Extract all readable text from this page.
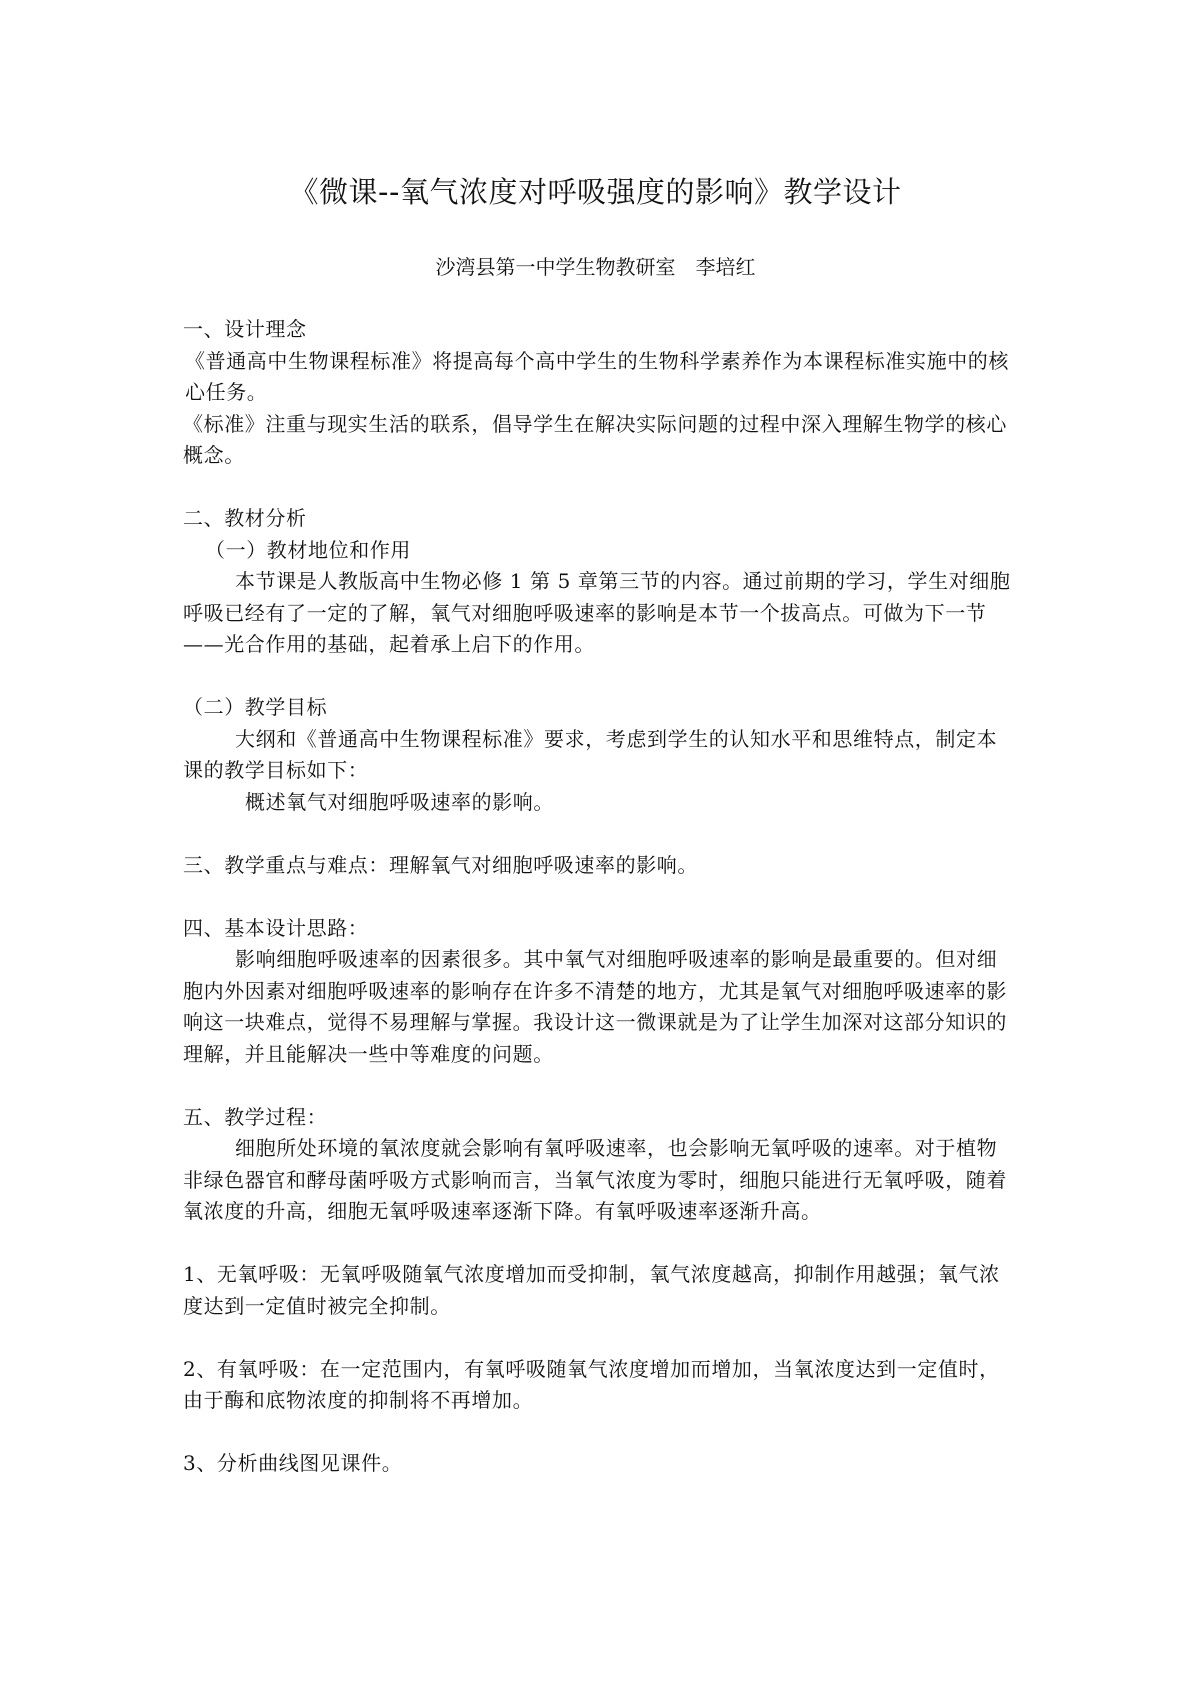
《微课--氧气浓度对呼吸强度的影响》教学设计
沙湾县第一中学生物教研室　李培红

一、设计理念

《普通高中生物课程标准》将提高每个高中学生的生物科学素养作为本课程标准实施中的核心任务。

《标准》注重与现实生活的联系，倡导学生在解决实际问题的过程中深入理解生物学的核心概念。

二、教材分析

（一）教材地位和作用

本节课是人教版高中生物必修 1 第 5 章第三节的内容。通过前期的学习，学生对细胞呼吸已经有了一定的了解，氧气对细胞呼吸速率的影响是本节一个拔高点。可做为下一节——光合作用的基础，起着承上启下的作用。

（二）教学目标

大纲和《普通高中生物课程标准》要求，考虑到学生的认知水平和思维特点，制定本课的教学目标如下：

概述氧气对细胞呼吸速率的影响。

三、教学重点与难点：理解氧气对细胞呼吸速率的影响。

四、基本设计思路：

影响细胞呼吸速率的因素很多。其中氧气对细胞呼吸速率的影响是最重要的。但对细胞内外因素对细胞呼吸速率的影响存在许多不清楚的地方，尤其是氧气对细胞呼吸速率的影响这一块难点，觉得不易理解与掌握。我设计这一微课就是为了让学生加深对这部分知识的理解，并且能解决一些中等难度的问题。

五、教学过程：

细胞所处环境的氧浓度就会影响有氧呼吸速率，也会影响无氧呼吸的速率。对于植物非绿色器官和酵母菌呼吸方式影响而言，当氧气浓度为零时，细胞只能进行无氧呼吸，随着氧浓度的升高，细胞无氧呼吸速率逐渐下降。有氧呼吸速率逐渐升高。

1、无氧呼吸：无氧呼吸随氧气浓度增加而受抑制，氧气浓度越高，抑制作用越强；氧气浓度达到一定值时被完全抑制。

2、有氧呼吸：在一定范围内，有氧呼吸随氧气浓度增加而增加，当氧浓度达到一定值时，由于酶和底物浓度的抑制将不再增加。

3、分析曲线图见课件。
